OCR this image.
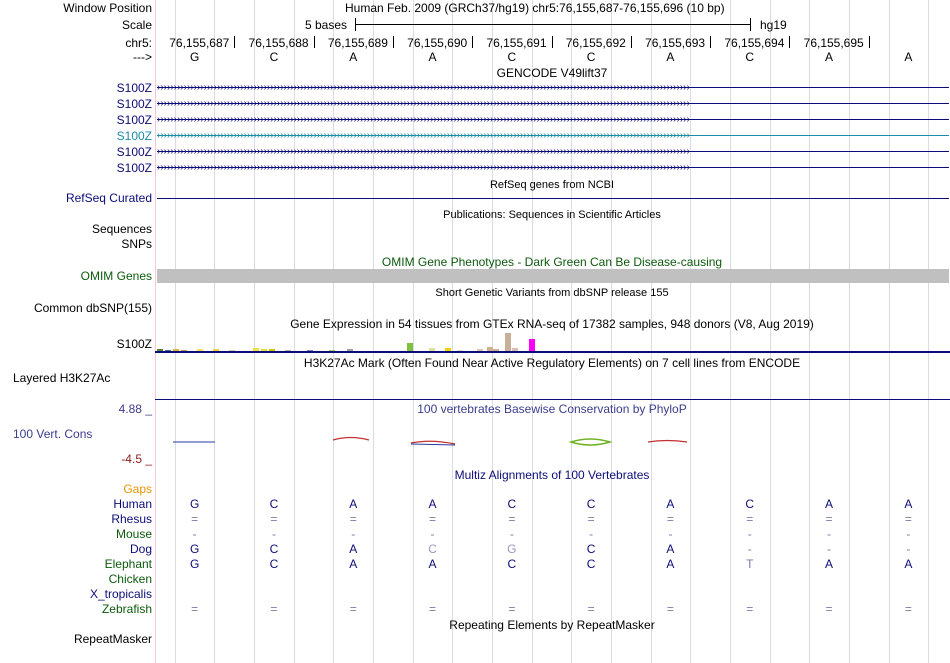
Window Position	Human Feb. 2009 (GRCh37/hg19) chr5:76,155,687-76,155,696 (10 bp)
Scale	5 bases	hg19
chr5: 76,155,687 76,155,688 76,155,689 76,155,690 76,155,691 76,155,692 76,155,693 76,155,694 76,155,695
--->	G	C	A	A	C	C	A	C	A	A
GENCODE V49lift37
S100Z
S100Z
S100Z
S100Z
S100Z
S100Z
››››››››››››››››››››››››››››››››››››››››››››››››››››››››››››››››››››››››››››››››››››››››››››››››››››››››››››››››››››››››››››››››››››››››››››››››››››››››››››››››
››››››››››››››››››››››››››››››››››››››››››››››››››››››››››››››››››››››››››››››››››››››››››››››››››››››››››››››››››››››››››››››››››››››››››››››››››››››››››››››››
››››››››››››››››››››››››››››››››››››››››››››››››››››››››››››››››››››››››››››››››››››››››››››››››››››››››››››››››››››››››››››››››››››››››››››››››››››››››››››››››
››››››››››››››››››››››››››››››››››››››››››››››››››››››››››››››››››››››››››››››››››››››››››››››››››››››››››››››››››››››››››››››››››››››››››››››››››››››››››››››››
››››››››››››››››››››››››››››››››››››››››››››››››››››››››››››››››››››››››››››››››››››››››››››››››››››››››››››››››››››››››››››››››››››››››››››››››››››››››››››››››
››››››››››››››››››››››››››››››››››››››››››››››››››››››››››››››››››››››››››››››››››››››››››››››››››››››››››››››››››››››››››››››››››››››››››››››››››››››››››››››››
RefSeq genes from NCBI
RefSeq Curated
Publications: Sequences in Scientific Articles
Sequences
SNPs
OMIM Gene Phenotypes - Dark Green Can Be Disease-causing
OMIM Genes
Short Genetic Variants from dbSNP release 155
Common dbSNP(155)
Gene Expression in 54 tissues from GTEx RNA-seq of 17382 samples, 948 donors (V8, Aug 2019)
S100Z
H3K27Ac Mark (Often Found Near Active Regulatory Elements) on 7 cell lines from ENCODE
Layered H3K27Ac
4.88 _	100 vertebrates Basewise Conservation by PhyloP
100 Vert. Cons
-4.5 _
Multiz Alignments of 100 Vertebrates
Gaps
Human	G	C	A	A	C	C	A	C	A	A
Rhesus	=	=	=	=	=	=	=	=	=	=
Mouse	-	-	-	-	-	-	-	-	-	-
Dog	G	C	A	C	G	C	A	-	-	-
Elephant	G	C	A	A	C	C	A	T	A	A
Chicken
X_tropicalis
Zebrafish	=	=	=	=	=	=	=	=	=	=
Repeating Elements by RepeatMasker
RepeatMasker
